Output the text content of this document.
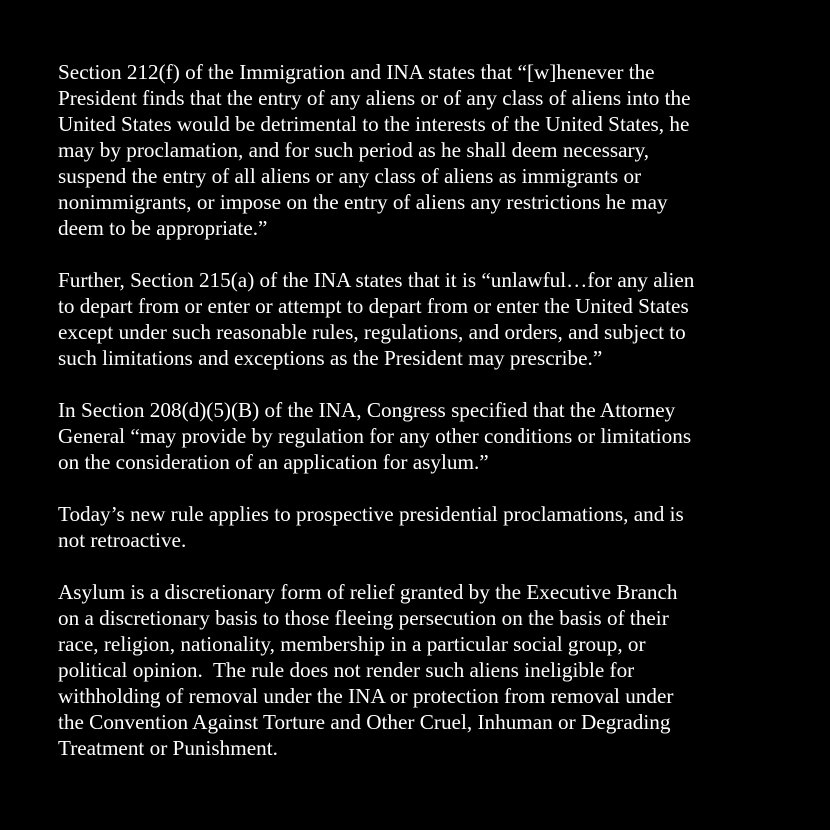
Section 212(f) of the Immigration and INA states that “[w]henever the
President finds that the entry of any aliens or of any class of aliens into the
United States would be detrimental to the interests of the United States, he
may by proclamation, and for such period as he shall deem necessary,
suspend the entry of all aliens or any class of aliens as immigrants or
nonimmigrants, or impose on the entry of aliens any restrictions he may
deem to be appropriate.”

Further, Section 215(a) of the INA states that it is “unlawful…for any alien
to depart from or enter or attempt to depart from or enter the United States
except under such reasonable rules, regulations, and orders, and subject to
such limitations and exceptions as the President may prescribe.”

In Section 208(d)(5)(B) of the INA, Congress specified that the Attorney
General “may provide by regulation for any other conditions or limitations
on the consideration of an application for asylum.”

Today’s new rule applies to prospective presidential proclamations, and is
not retroactive.

Asylum is a discretionary form of relief granted by the Executive Branch
on a discretionary basis to those fleeing persecution on the basis of their
race, religion, nationality, membership in a particular social group, or
political opinion.  The rule does not render such aliens ineligible for
withholding of removal under the INA or protection from removal under
the Convention Against Torture and Other Cruel, Inhuman or Degrading
Treatment or Punishment.
